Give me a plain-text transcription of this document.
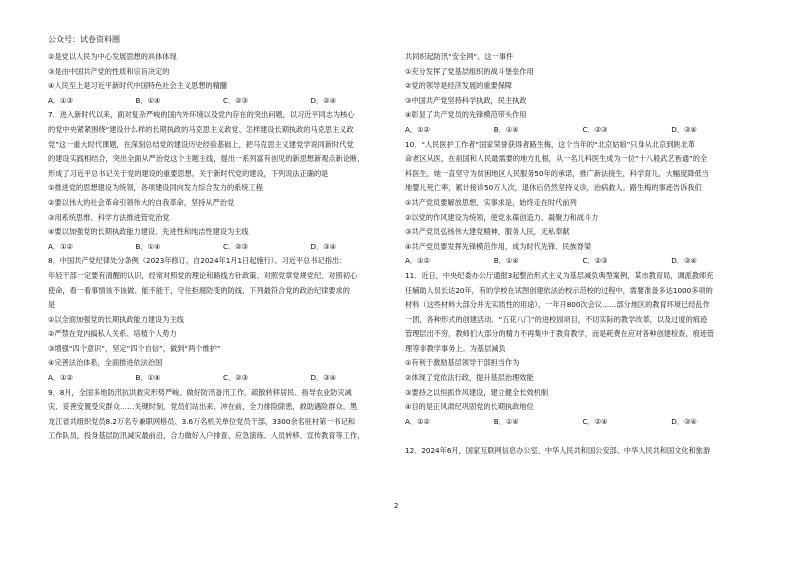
公众号：试卷资料圈
②是党以人民为中心发展思想的具体体现
③是由中国共产党的性质和宗旨决定的
④人民至上是习近平新时代中国特色社会主义思想的精髓
A．①③	B．①④	C．②③	D．②④
7．进入新时代以来，面对复杂严峻的国内外环境以及党内存在的突出问题，以习近平同志为核心
的党中央紧紧围绕“建设什么样的长期执政的马克思主义政党、怎样建设长期执政的马克思主义政
党”这一重大时代课题，在深刻总结党的建设历史经验基础上，把马克思主义建党学说同新时代党
的建设实践相结合，突出全面从严治党这个主题主线，提出一系列富有创见的新思想新观点新论断，
形成了习近平总书记关于党的建设的重要思想。关于新时代党的建设，下列说法正确的是
①推进党的思想建设为统领，各项建设同向发力综合发力的系统工程
②要以伟大的社会革命引领伟大的自我革命，坚持从严治党
③用系统思维、科学方法推进管党治党
④要以加强党的长期执政能力建设、先进性和纯洁性建设为主线
A．①②	B．①④	C．②③	D．③④
8．中国共产党纪律处分条例（2023年修订，自2024年1月1日起施行）。习近平总书记指出：
年轻干部一定要有清醒的认识，经常对照党的理论和路线方针政策、对照党章党规党纪、对照初心
使命，看一看事情该不该做、能不能干，守住拒腐防变的防线，下列最符合党的政治纪律要求的
是
①以全面加强党的长期执政能力建设为主线
②严禁在党内搞私人关系、培植个人势力
③增强“四个意识”，坚定“四个自信”，做到“两个维护”
④完善法治体系，全面推进依法治国
A．①②	B．①④	C．②③	D．③④
9．8月，全国多地防汛抗洪救灾形势严峻。做好防汛备汛工作、疏散转移居民、指导农业防灾减
灾、妥善安置受灾群众……关键时刻，党员们站出来、冲在前，全力排险除患，救助遇险群众。黑
龙江省共组织党员8.2万名专兼职网格员、3.6万名机关单位党员干部、3300余名驻村第一书记和
工作队员，投身基层防汛减灾最前沿，合力做好入户排查、应急演练、人员转移、宣传教育等工作，
共同织起防汛“安全网”。这一事件
①充分发挥了党基层组织的战斗堡垒作用
②党的领导是经济发展的重要保障
③中国共产党坚持科学执政，民主执政
④彰显了共产党员的先锋模范带头作用
A．①②	B．①④	C．②③	D．③④
10．“人民医护工作者”国家荣誉获得者路生梅，这个当年的“北京姑娘”只身从北京到陕北革
命老区从医，在祖国和人民最需要的地方扎根，从一名儿科医生成为一位“十八般武艺皆通”的全
科医生，她一直坚守为贫困地区人民服务50年的承诺，推广新法接生，科学育儿，大幅度降低当
地婴儿死亡率，累计接诊50万人次，退休后仍然坚持义诊，治病救人。路生梅的事迹告诉我们
①共产党员要解放思想，实事求是，始终走在时代前列
②以党的作风建设为统领，使党永葆创造力、凝聚力和战斗力
③共产党员弘扬伟大建党精神，服务人民，无私奉献
④共产党员要发挥先锋模范作用，成为时代先锋、民族脊梁
A．①②	B．①④	C．②③	D．③④
11．近日，中央纪委办公厅通报3起整治形式主义为基层减负典型案例，某市教育局，调派教师充
任辅助人员长达20年，有的学校在试图创建依法治校示范校的过程中，需要准备多达1000多项的
材料（这些材料大部分并无实质性的用途），一年开800次会议……部分地区的教育环境已经乱作
一团，各种形式的创建活动、“五花八门”的进校园项目，不切实际的教学改革，以及过度的痕迹
管理层出不穷，教师们大部分的精力不再集中于教育教学，而是耗费在应对各种创建检查，痕迹管
理等非教学事务上。为基层减负
①有利于激励基层领导干部担当作为
②体现了党依法行政，提升基层治理效能
③要持之以恒抓作风建设，建立健全长效机制
④目的是正风肃纪巩固党的长期执政地位
A．①②	B．①④	C．②④	D．③④
12．2024年6月，国家互联网信息办公室、中华人民共和国公安部、中华人民共和国文化和旅游
2
